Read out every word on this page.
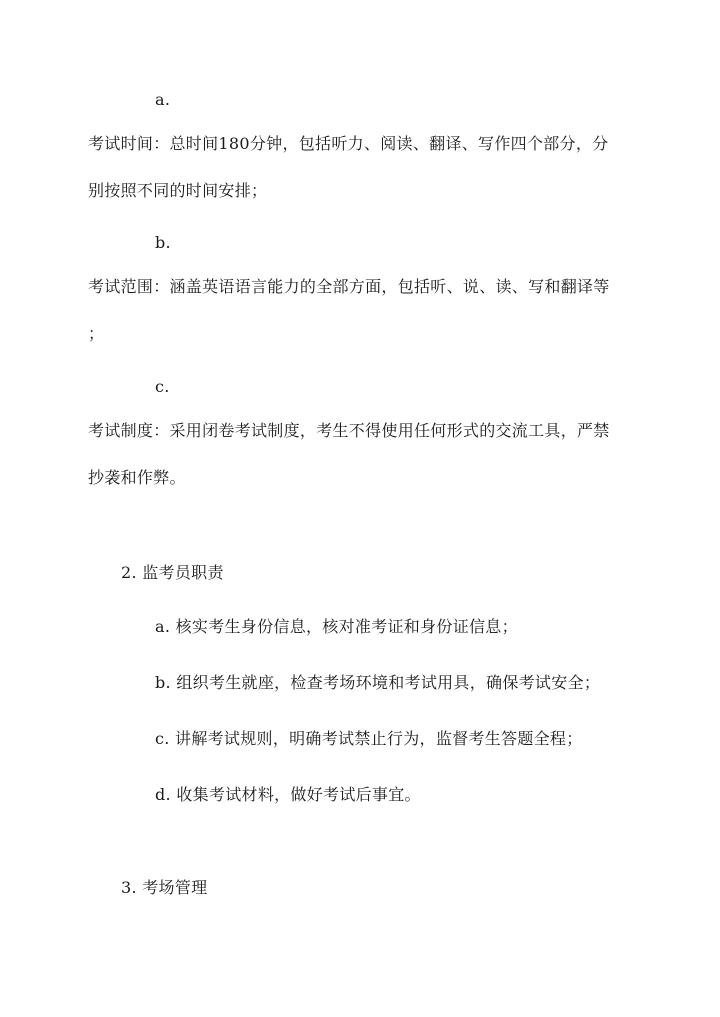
a.
考试时间：总时间180分钟，包括听力、阅读、翻译、写作四个部分，分
别按照不同的时间安排；
b.
考试范围：涵盖英语语言能力的全部方面，包括听、说、读、写和翻译等
；
c.
考试制度：采用闭卷考试制度，考生不得使用任何形式的交流工具，严禁
抄袭和作弊。
2. 监考员职责
a. 核实考生身份信息，核对准考证和身份证信息；
b. 组织考生就座，检查考场环境和考试用具，确保考试安全；
c. 讲解考试规则，明确考试禁止行为，监督考生答题全程；
d. 收集考试材料，做好考试后事宜。
3. 考场管理
